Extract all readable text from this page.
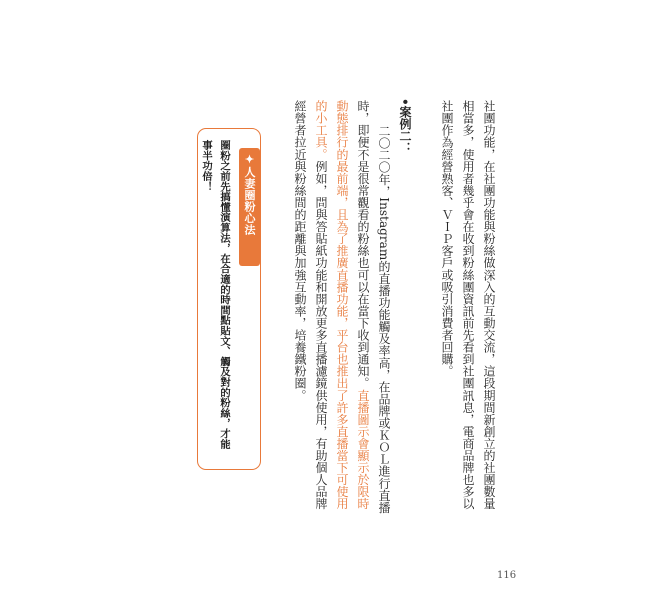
社團功能，在社團功能與粉絲做深入的互動交流，這段期間新創立的社團數量
相當多，使用者幾乎會在收到粉絲團資訊前先看到社團訊息，電商品牌也多以
社團作為經營熟客、ＶＩＰ客戶或吸引消費者回購。
•案例二：
二〇二〇年，Instagram的直播功能觸及率高，在品牌或ＫＯＬ進行直播
時，即便不是很常觀看的粉絲也可以在當下收到通知。直播圖示會顯示於限時
動態排行的最前端，且為了推廣直播功能，平台也推出了許多直播當下可使用
的小工具。例如，問與答貼紙功能和開放更多直播濾鏡供使用，有助個人品牌
經營者拉近與粉絲間的距離與加強互動率，培養鐵粉圈。
✦人妻圈粉心法
圈粉之前先搞懂演算法，在合適的時間點貼文、觸及對的粉絲，才能
事半功倍！
116
